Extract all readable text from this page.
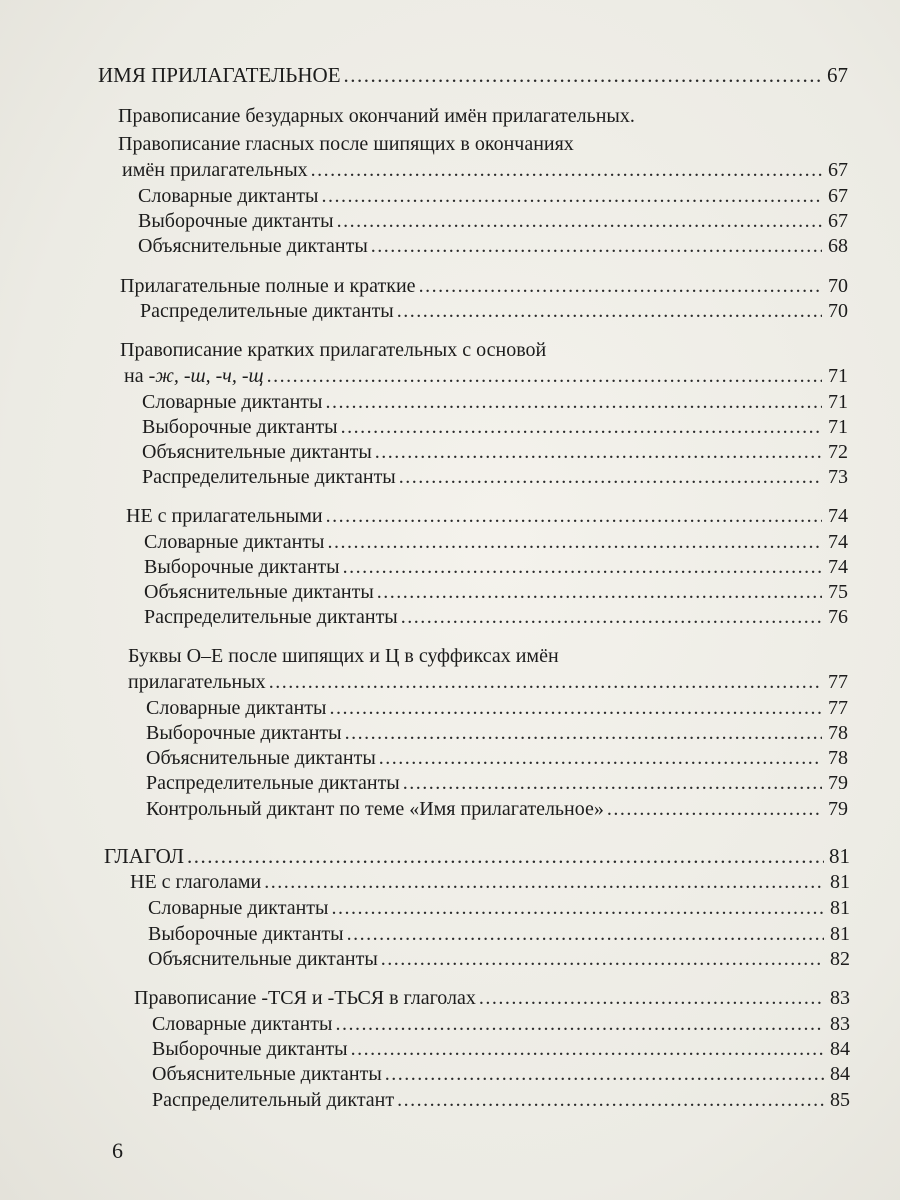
ИМЯ ПРИЛАГАТЕЛЬНОЕ .....	67
Правописание безударных окончаний имён прилагательных.
Правописание гласных после шипящих в окончаниях
имён прилагательных .....	67
Словарные диктанты .....	67
Выборочные диктанты .....	67
Объяснительные диктанты .....	68
Прилагательные полные и краткие .....	70
Распределительные диктанты .....	70
Правописание кратких прилагательных с основой
на -ж, -ш, -ч, -щ .....	71
Словарные диктанты .....	71
Выборочные диктанты .....	71
Объяснительные диктанты .....	72
Распределительные диктанты .....	73
НЕ с прилагательными .....	74
Словарные диктанты .....	74
Выборочные диктанты .....	74
Объяснительные диктанты .....	75
Распределительные диктанты .....	76
Буквы О–Е после шипящих и Ц в суффиксах имён
прилагательных .....	77
Словарные диктанты .....	77
Выборочные диктанты .....	78
Объяснительные диктанты .....	78
Распределительные диктанты .....	79
Контрольный диктант по теме «Имя прилагательное» .....	79
ГЛАГОЛ .....	81
НЕ с глаголами .....	81
Словарные диктанты .....	81
Выборочные диктанты .....	81
Объяснительные диктанты .....	82
Правописание -ТСЯ и -ТЬСЯ в глаголах .....	83
Словарные диктанты .....	83
Выборочные диктанты .....	84
Объяснительные диктанты .....	84
Распределительный диктант .....	85
6
